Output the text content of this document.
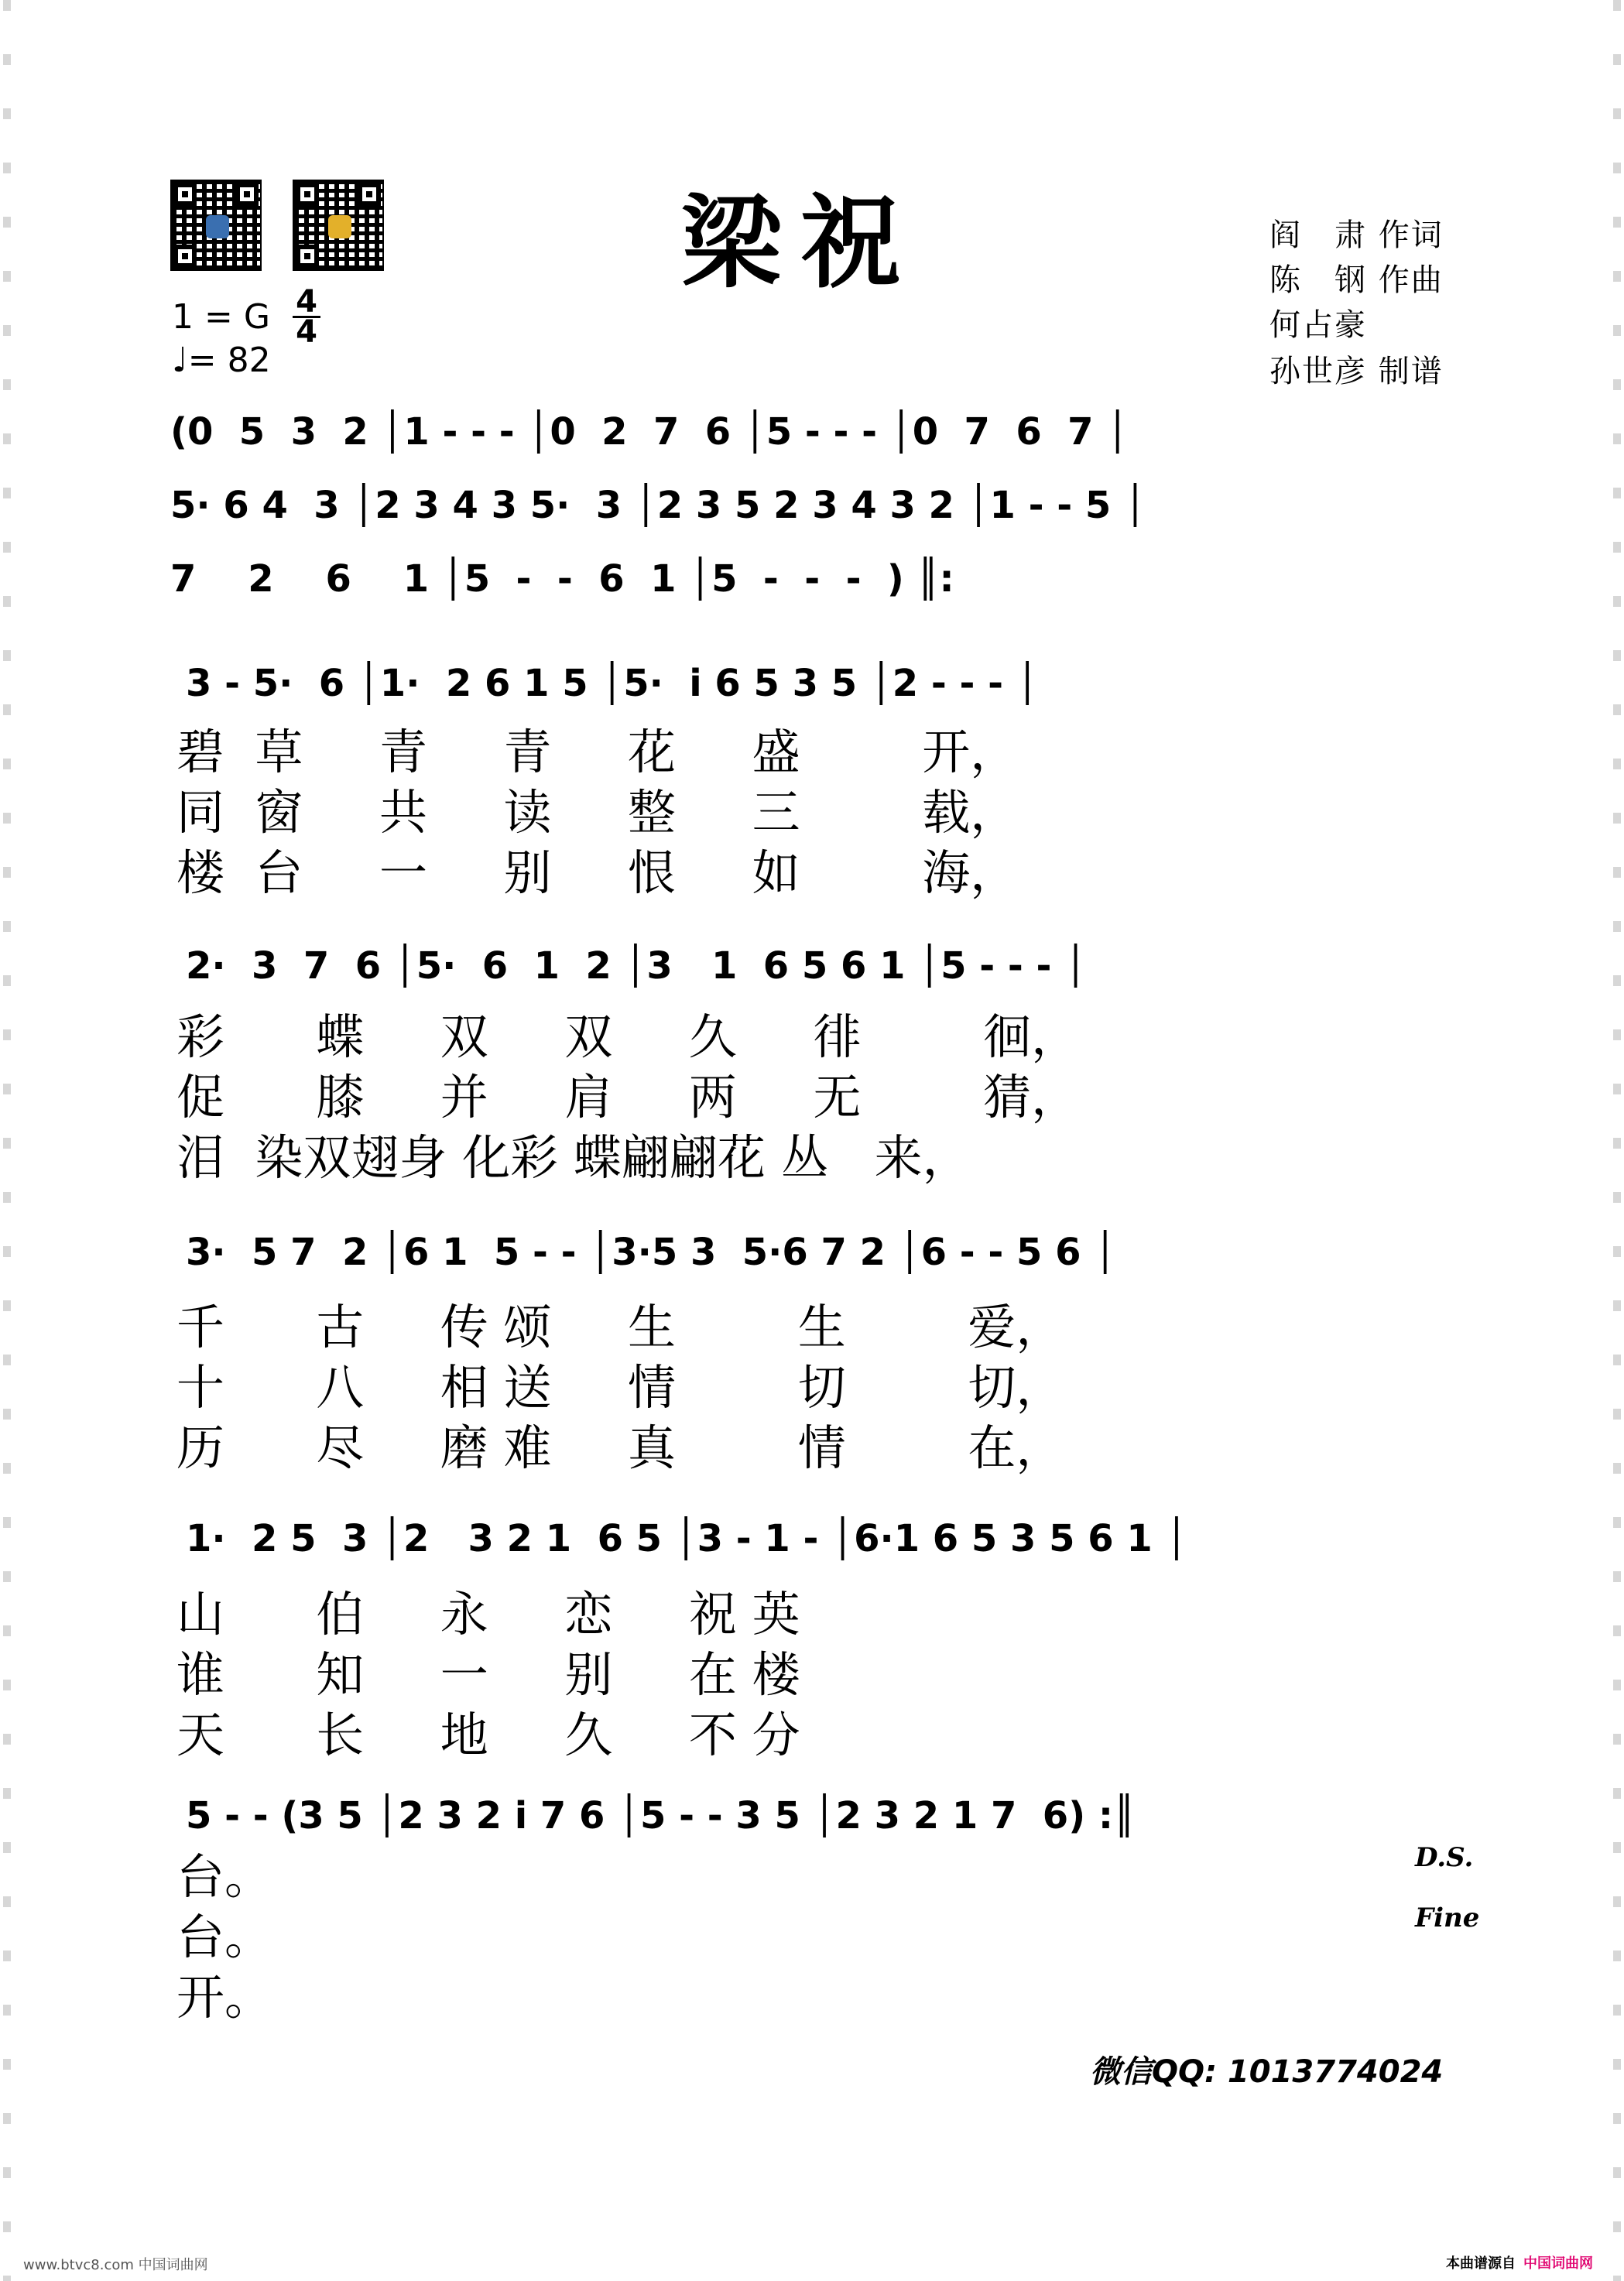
梁祝	阎　肃 作词
陈　钢 作曲
何占豪
孙世彦 制谱
1 = G 4
4
♩= 82
(0  5  3  2 │1 - - - │0  2  7  6 │5 - - - │0  7  6  7 │
5· 6 4  3 │2 3 4 3 5·  3 │2 3 5 2 3 4 3 2 │1 - - 5 │
7    2    6    1 │5  -  -  6  1 │5  -  -  -  ) ║:
3 - 5·  6 │1·  2 6 1 5 │5·  i 6 5 3 5 │2 - - - │
碧  草     青     青     花     盛        开，
同  窗     共     读     整     三        载，
楼  台     一     别     恨     如        海，
2·  3  7  6 │5·  6  1  2 │3   1  6 5 6 1 │5 - - - │
彩      蝶     双     双     久     徘        徊，
促      膝     并     肩     两     无        猜，
泪  染双翅身 化彩 蝶翩翩花 丛   来，
3·  5 7  2 │6 1  5 - - │3·5 3  5·6 7 2 │6 - - 5 6 │
千      古     传 颂     生        生        爱，
十      八     相 送     情        切        切，
历      尽     磨 难     真        情        在，
1·  2 5  3 │2   3 2 1  6 5 │3 - 1 - │6·1 6 5 3 5 6 1 │
山      伯     永     恋     祝 英
谁      知     一     别     在 楼
天      长     地     久     不 分
5 - - (3 5 │2 3 2 i 7 6 │5 - - 3 5 │2 3 2 1 7  6) :║
台。
台。
开。
D.S.
Fine
微信QQ: 1013774024
www.btvc8.com 中国词曲网	本曲谱源自 中国词曲网
